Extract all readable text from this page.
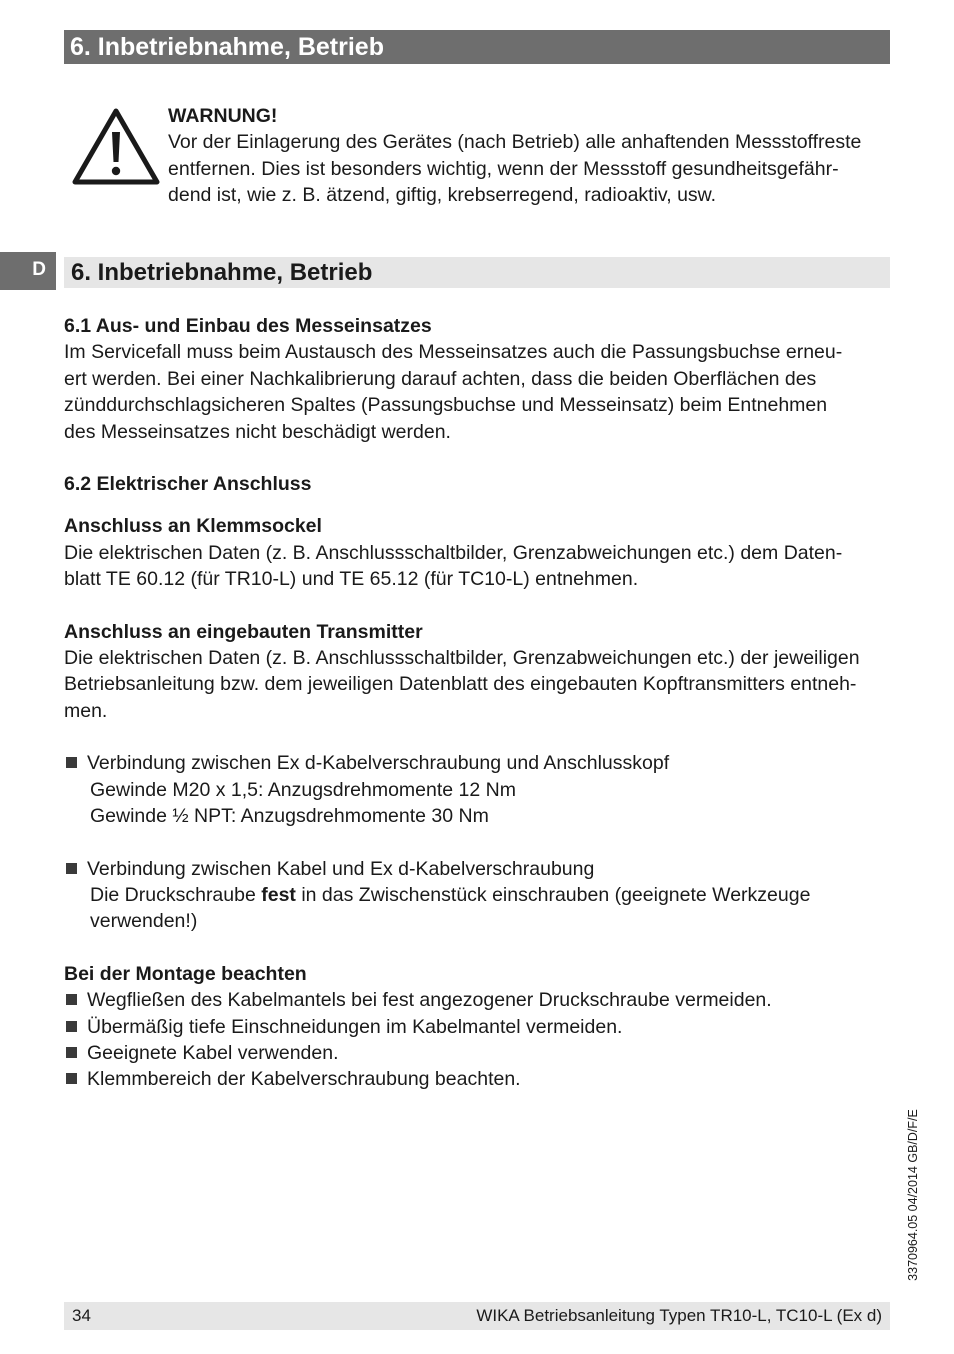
6. Inbetriebnahme, Betrieb
WARNUNG!
Vor der Einlagerung des Gerätes (nach Betrieb) alle anhaftenden Messstoffreste
entfernen. Dies ist besonders wichtig, wenn der Messstoff gesundheitsgefähr-
dend ist, wie z. B. ätzend, giftig, krebserregend, radioaktiv, usw.
D	6. Inbetriebnahme, Betrieb

6.1 Aus- und Einbau des Messeinsatzes

Im Servicefall muss beim Austausch des Messeinsatzes auch die Passungsbuchse erneu-

ert werden. Bei einer Nachkalibrierung darauf achten, dass die beiden Oberflächen des

zünddurchschlagsicheren Spaltes (Passungsbuchse und Messeinsatz) beim Entnehmen

des Messeinsatzes nicht beschädigt werden.

6.2 Elektrischer Anschluss

Anschluss an Klemmsockel

Die elektrischen Daten (z. B. Anschlussschaltbilder, Grenzabweichungen etc.) dem Daten-

blatt TE 60.12 (für TR10-L) und TE 65.12 (für TC10-L) entnehmen.

Anschluss an eingebauten Transmitter

Die elektrischen Daten (z. B. Anschlussschaltbilder, Grenzabweichungen etc.) der jeweiligen

Betriebsanleitung bzw. dem jeweiligen Datenblatt des eingebauten Kopftransmitters entneh-

men.

Verbindung zwischen Ex d-Kabelverschraubung und Anschlusskopf

Gewinde M20 x 1,5: Anzugsdrehmomente 12 Nm

Gewinde ½ NPT: Anzugsdrehmomente 30 Nm

Verbindung zwischen Kabel und Ex d-Kabelverschraubung

Die Druckschraube fest in das Zwischenstück einschrauben (geeignete Werkzeuge

verwenden!)

Bei der Montage beachten

Wegfließen des Kabelmantels bei fest angezogener Druckschraube vermeiden.

Übermäßig tiefe Einschneidungen im Kabelmantel vermeiden.

Geeignete Kabel verwenden.

Klemmbereich der Kabelverschraubung beachten.

3370964.05 04/2014 GB/D/F/E
34	WIKA Betriebsanleitung Typen TR10-L, TC10-L (Ex d)
